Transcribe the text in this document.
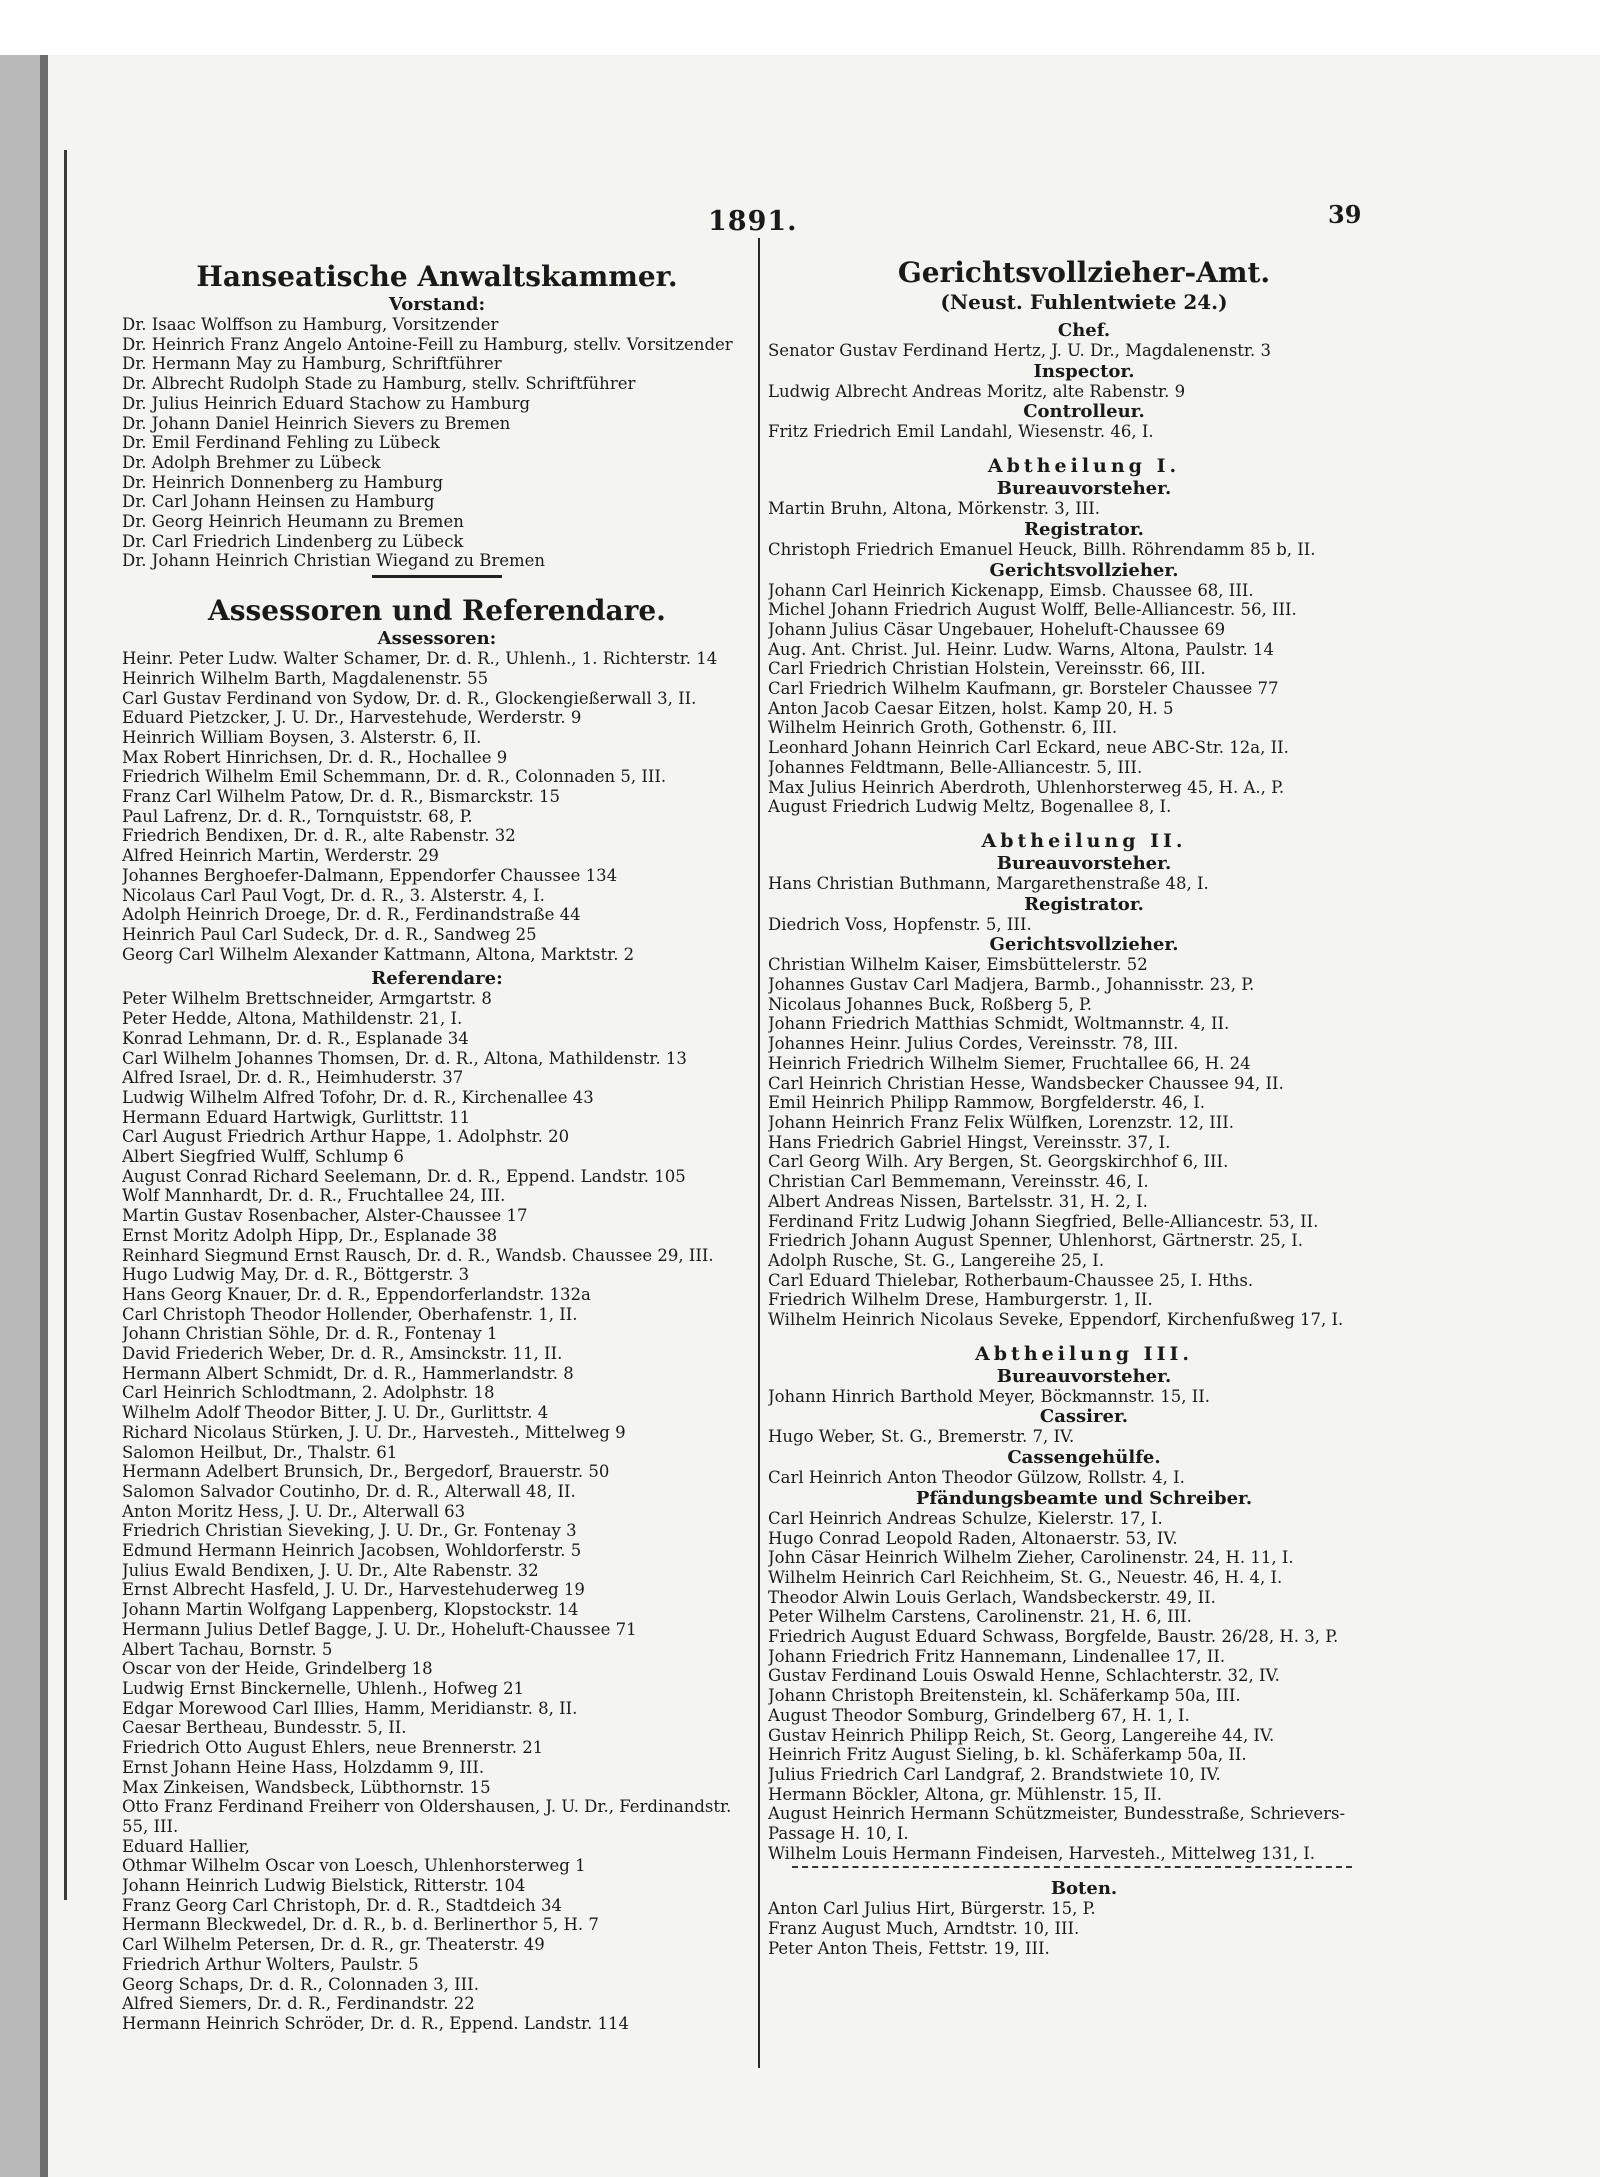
1891.	39
Hanseatische Anwaltskammer.
Vorstand:
Dr. Isaac Wolffson zu Hamburg, Vorsitzender
Dr. Heinrich Franz Angelo Antoine-Feill zu Hamburg, stellv. Vorsitzender
Dr. Hermann May zu Hamburg, Schriftführer
Dr. Albrecht Rudolph Stade zu Hamburg, stellv. Schriftführer
Dr. Julius Heinrich Eduard Stachow zu Hamburg
Dr. Johann Daniel Heinrich Sievers zu Bremen
Dr. Emil Ferdinand Fehling zu Lübeck
Dr. Adolph Brehmer zu Lübeck
Dr. Heinrich Donnenberg zu Hamburg
Dr. Carl Johann Heinsen zu Hamburg
Dr. Georg Heinrich Heumann zu Bremen
Dr. Carl Friedrich Lindenberg zu Lübeck
Dr. Johann Heinrich Christian Wiegand zu Bremen
Assessoren und Referendare.
Assessoren:
Heinr. Peter Ludw. Walter Schamer, Dr. d. R., Uhlenh., 1. Richterstr. 14
Heinrich Wilhelm Barth, Magdalenenstr. 55
Carl Gustav Ferdinand von Sydow, Dr. d. R., Glockengießerwall 3, II.
Eduard Pietzcker, J. U. Dr., Harvestehude, Werderstr. 9
Heinrich William Boysen, 3. Alsterstr. 6, II.
Max Robert Hinrichsen, Dr. d. R., Hochallee 9
Friedrich Wilhelm Emil Schemmann, Dr. d. R., Colonnaden 5, III.
Franz Carl Wilhelm Patow, Dr. d. R., Bismarckstr. 15
Paul Lafrenz, Dr. d. R., Tornquiststr. 68, P.
Friedrich Bendixen, Dr. d. R., alte Rabenstr. 32
Alfred Heinrich Martin, Werderstr. 29
Johannes Berghoefer-Dalmann, Eppendorfer Chaussee 134
Nicolaus Carl Paul Vogt, Dr. d. R., 3. Alsterstr. 4, I.
Adolph Heinrich Droege, Dr. d. R., Ferdinandstraße 44
Heinrich Paul Carl Sudeck, Dr. d. R., Sandweg 25
Georg Carl Wilhelm Alexander Kattmann, Altona, Marktstr. 2
Referendare:
Peter Wilhelm Brettschneider, Armgartstr. 8
Peter Hedde, Altona, Mathildenstr. 21, I.
Konrad Lehmann, Dr. d. R., Esplanade 34
Carl Wilhelm Johannes Thomsen, Dr. d. R., Altona, Mathildenstr. 13
Alfred Israel, Dr. d. R., Heimhuderstr. 37
Ludwig Wilhelm Alfred Tofohr, Dr. d. R., Kirchenallee 43
Hermann Eduard Hartwigk, Gurlittstr. 11
Carl August Friedrich Arthur Happe, 1. Adolphstr. 20
Albert Siegfried Wulff, Schlump 6
August Conrad Richard Seelemann, Dr. d. R., Eppend. Landstr. 105
Wolf Mannhardt, Dr. d. R., Fruchtallee 24, III.
Martin Gustav Rosenbacher, Alster-Chaussee 17
Ernst Moritz Adolph Hipp, Dr., Esplanade 38
Reinhard Siegmund Ernst Rausch, Dr. d. R., Wandsb. Chaussee 29, III.
Hugo Ludwig May, Dr. d. R., Böttgerstr. 3
Hans Georg Knauer, Dr. d. R., Eppendorferlandstr. 132a
Carl Christoph Theodor Hollender, Oberhafenstr. 1, II.
Johann Christian Söhle, Dr. d. R., Fontenay 1
David Friederich Weber, Dr. d. R., Amsinckstr. 11, II.
Hermann Albert Schmidt, Dr. d. R., Hammerlandstr. 8
Carl Heinrich Schlodtmann, 2. Adolphstr. 18
Wilhelm Adolf Theodor Bitter, J. U. Dr., Gurlittstr. 4
Richard Nicolaus Stürken, J. U. Dr., Harvesteh., Mittelweg 9
Salomon Heilbut, Dr., Thalstr. 61
Hermann Adelbert Brunsich, Dr., Bergedorf, Brauerstr. 50
Salomon Salvador Coutinho, Dr. d. R., Alterwall 48, II.
Anton Moritz Hess, J. U. Dr., Alterwall 63
Friedrich Christian Sieveking, J. U. Dr., Gr. Fontenay 3
Edmund Hermann Heinrich Jacobsen, Wohldorferstr. 5
Julius Ewald Bendixen, J. U. Dr., Alte Rabenstr. 32
Ernst Albrecht Hasfeld, J. U. Dr., Harvestehuderweg 19
Johann Martin Wolfgang Lappenberg, Klopstockstr. 14
Hermann Julius Detlef Bagge, J. U. Dr., Hoheluft-Chaussee 71
Albert Tachau, Bornstr. 5
Oscar von der Heide, Grindelberg 18
Ludwig Ernst Binckernelle, Uhlenh., Hofweg 21
Edgar Morewood Carl Illies, Hamm, Meridianstr. 8, II.
Caesar Bertheau, Bundesstr. 5, II.
Friedrich Otto August Ehlers, neue Brennerstr. 21
Ernst Johann Heine Hass, Holzdamm 9, III.
Max Zinkeisen, Wandsbeck, Lübthornstr. 15
Otto Franz Ferdinand Freiherr von Oldershausen, J. U. Dr., Ferdinandstr. 55, III.
Eduard Hallier,
Othmar Wilhelm Oscar von Loesch, Uhlenhorsterweg 1
Johann Heinrich Ludwig Bielstick, Ritterstr. 104
Franz Georg Carl Christoph, Dr. d. R., Stadtdeich 34
Hermann Bleckwedel, Dr. d. R., b. d. Berlinerthor 5, H. 7
Carl Wilhelm Petersen, Dr. d. R., gr. Theaterstr. 49
Friedrich Arthur Wolters, Paulstr. 5
Georg Schaps, Dr. d. R., Colonnaden 3, III.
Alfred Siemers, Dr. d. R., Ferdinandstr. 22
Hermann Heinrich Schröder, Dr. d. R., Eppend. Landstr. 114
Gerichtsvollzieher-Amt.
(Neust. Fuhlentwiete 24.)
Chef.
Senator Gustav Ferdinand Hertz, J. U. Dr., Magdalenenstr. 3
Inspector.
Ludwig Albrecht Andreas Moritz, alte Rabenstr. 9
Controlleur.
Fritz Friedrich Emil Landahl, Wiesenstr. 46, I.
Abtheilung I.
Bureauvorsteher.
Martin Bruhn, Altona, Mörkenstr. 3, III.
Registrator.
Christoph Friedrich Emanuel Heuck, Billh. Röhrendamm 85 b, II.
Gerichtsvollzieher.
Johann Carl Heinrich Kickenapp, Eimsb. Chaussee 68, III.
Michel Johann Friedrich August Wolff, Belle-Alliancestr. 56, III.
Johann Julius Cäsar Ungebauer, Hoheluft-Chaussee 69
Aug. Ant. Christ. Jul. Heinr. Ludw. Warns, Altona, Paulstr. 14
Carl Friedrich Christian Holstein, Vereinsstr. 66, III.
Carl Friedrich Wilhelm Kaufmann, gr. Borsteler Chaussee 77
Anton Jacob Caesar Eitzen, holst. Kamp 20, H. 5
Wilhelm Heinrich Groth, Gothenstr. 6, III.
Leonhard Johann Heinrich Carl Eckard, neue ABC-Str. 12a, II.
Johannes Feldtmann, Belle-Alliancestr. 5, III.
Max Julius Heinrich Aberdroth, Uhlenhorsterweg 45, H. A., P.
August Friedrich Ludwig Meltz, Bogenallee 8, I.
Abtheilung II.
Bureauvorsteher.
Hans Christian Buthmann, Margarethenstraße 48, I.
Registrator.
Diedrich Voss, Hopfenstr. 5, III.
Gerichtsvollzieher.
Christian Wilhelm Kaiser, Eimsbüttelerstr. 52
Johannes Gustav Carl Madjera, Barmb., Johannisstr. 23, P.
Nicolaus Johannes Buck, Roßberg 5, P.
Johann Friedrich Matthias Schmidt, Woltmannstr. 4, II.
Johannes Heinr. Julius Cordes, Vereinsstr. 78, III.
Heinrich Friedrich Wilhelm Siemer, Fruchtallee 66, H. 24
Carl Heinrich Christian Hesse, Wandsbecker Chaussee 94, II.
Emil Heinrich Philipp Rammow, Borgfelderstr. 46, I.
Johann Heinrich Franz Felix Wülfken, Lorenzstr. 12, III.
Hans Friedrich Gabriel Hingst, Vereinsstr. 37, I.
Carl Georg Wilh. Ary Bergen, St. Georgskirchhof 6, III.
Christian Carl Bemmemann, Vereinsstr. 46, I.
Albert Andreas Nissen, Bartelsstr. 31, H. 2, I.
Ferdinand Fritz Ludwig Johann Siegfried, Belle-Alliancestr. 53, II.
Friedrich Johann August Spenner, Uhlenhorst, Gärtnerstr. 25, I.
Adolph Rusche, St. G., Langereihe 25, I.
Carl Eduard Thielebar, Rotherbaum-Chaussee 25, I. Hths.
Friedrich Wilhelm Drese, Hamburgerstr. 1, II.
Wilhelm Heinrich Nicolaus Seveke, Eppendorf, Kirchenfußweg 17, I.
Abtheilung III.
Bureauvorsteher.
Johann Hinrich Barthold Meyer, Böckmannstr. 15, II.
Cassirer.
Hugo Weber, St. G., Bremerstr. 7, IV.
Cassengehülfe.
Carl Heinrich Anton Theodor Gülzow, Rollstr. 4, I.
Pfändungsbeamte und Schreiber.
Carl Heinrich Andreas Schulze, Kielerstr. 17, I.
Hugo Conrad Leopold Raden, Altonaerstr. 53, IV.
John Cäsar Heinrich Wilhelm Zieher, Carolinenstr. 24, H. 11, I.
Wilhelm Heinrich Carl Reichheim, St. G., Neuestr. 46, H. 4, I.
Theodor Alwin Louis Gerlach, Wandsbeckerstr. 49, II.
Peter Wilhelm Carstens, Carolinenstr. 21, H. 6, III.
Friedrich August Eduard Schwass, Borgfelde, Baustr. 26/28, H. 3, P.
Johann Friedrich Fritz Hannemann, Lindenallee 17, II.
Gustav Ferdinand Louis Oswald Henne, Schlachterstr. 32, IV.
Johann Christoph Breitenstein, kl. Schäferkamp 50a, III.
August Theodor Somburg, Grindelberg 67, H. 1, I.
Gustav Heinrich Philipp Reich, St. Georg, Langereihe 44, IV.
Heinrich Fritz August Sieling, b. kl. Schäferkamp 50a, II.
Julius Friedrich Carl Landgraf, 2. Brandstwiete 10, IV.
Hermann Böckler, Altona, gr. Mühlenstr. 15, II.
August Heinrich Hermann Schützmeister, Bundesstraße, Schrievers-Passage H. 10, I.
Wilhelm Louis Hermann Findeisen, Harvesteh., Mittelweg 131, I.
Boten.
Anton Carl Julius Hirt, Bürgerstr. 15, P.
Franz August Much, Arndtstr. 10, III.
Peter Anton Theis, Fettstr. 19, III.
